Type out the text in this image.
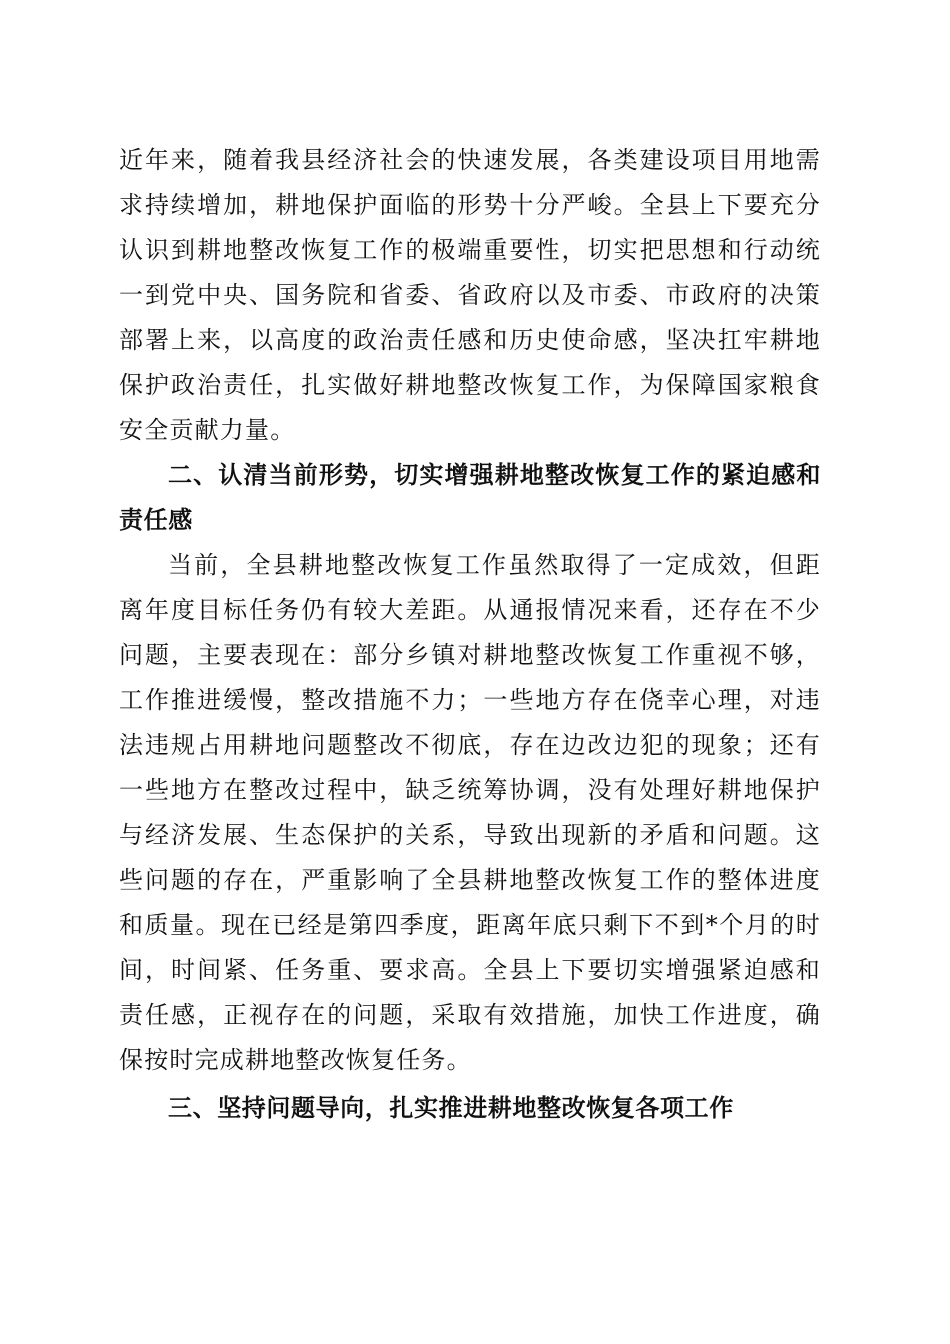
近年来，随着我县经济社会的快速发展，各类建设项目用地需求持续增加，耕地保护面临的形势十分严峻。全县上下要充分认识到耕地整改恢复工作的极端重要性，切实把思想和行动统一到党中央、国务院和省委、省政府以及市委、市政府的决策部署上来，以高度的政治责任感和历史使命感，坚决扛牢耕地保护政治责任，扎实做好耕地整改恢复工作，为保障国家粮食安全贡献力量。

二、认清当前形势，切实增强耕地整改恢复工作的紧迫感和责任感

当前，全县耕地整改恢复工作虽然取得了一定成效，但距离年度目标任务仍有较大差距。从通报情况来看，还存在不少问题，主要表现在：部分乡镇对耕地整改恢复工作重视不够，工作推进缓慢，整改措施不力；一些地方存在侥幸心理，对违法违规占用耕地问题整改不彻底，存在边改边犯的现象；还有一些地方在整改过程中，缺乏统筹协调，没有处理好耕地保护与经济发展、生态保护的关系，导致出现新的矛盾和问题。这些问题的存在，严重影响了全县耕地整改恢复工作的整体进度和质量。现在已经是第四季度，距离年底只剩下不到*个月的时间，时间紧、任务重、要求高。全县上下要切实增强紧迫感和责任感，正视存在的问题，采取有效措施，加快工作进度，确保按时完成耕地整改恢复任务。

三、坚持问题导向，扎实推进耕地整改恢复各项工作
